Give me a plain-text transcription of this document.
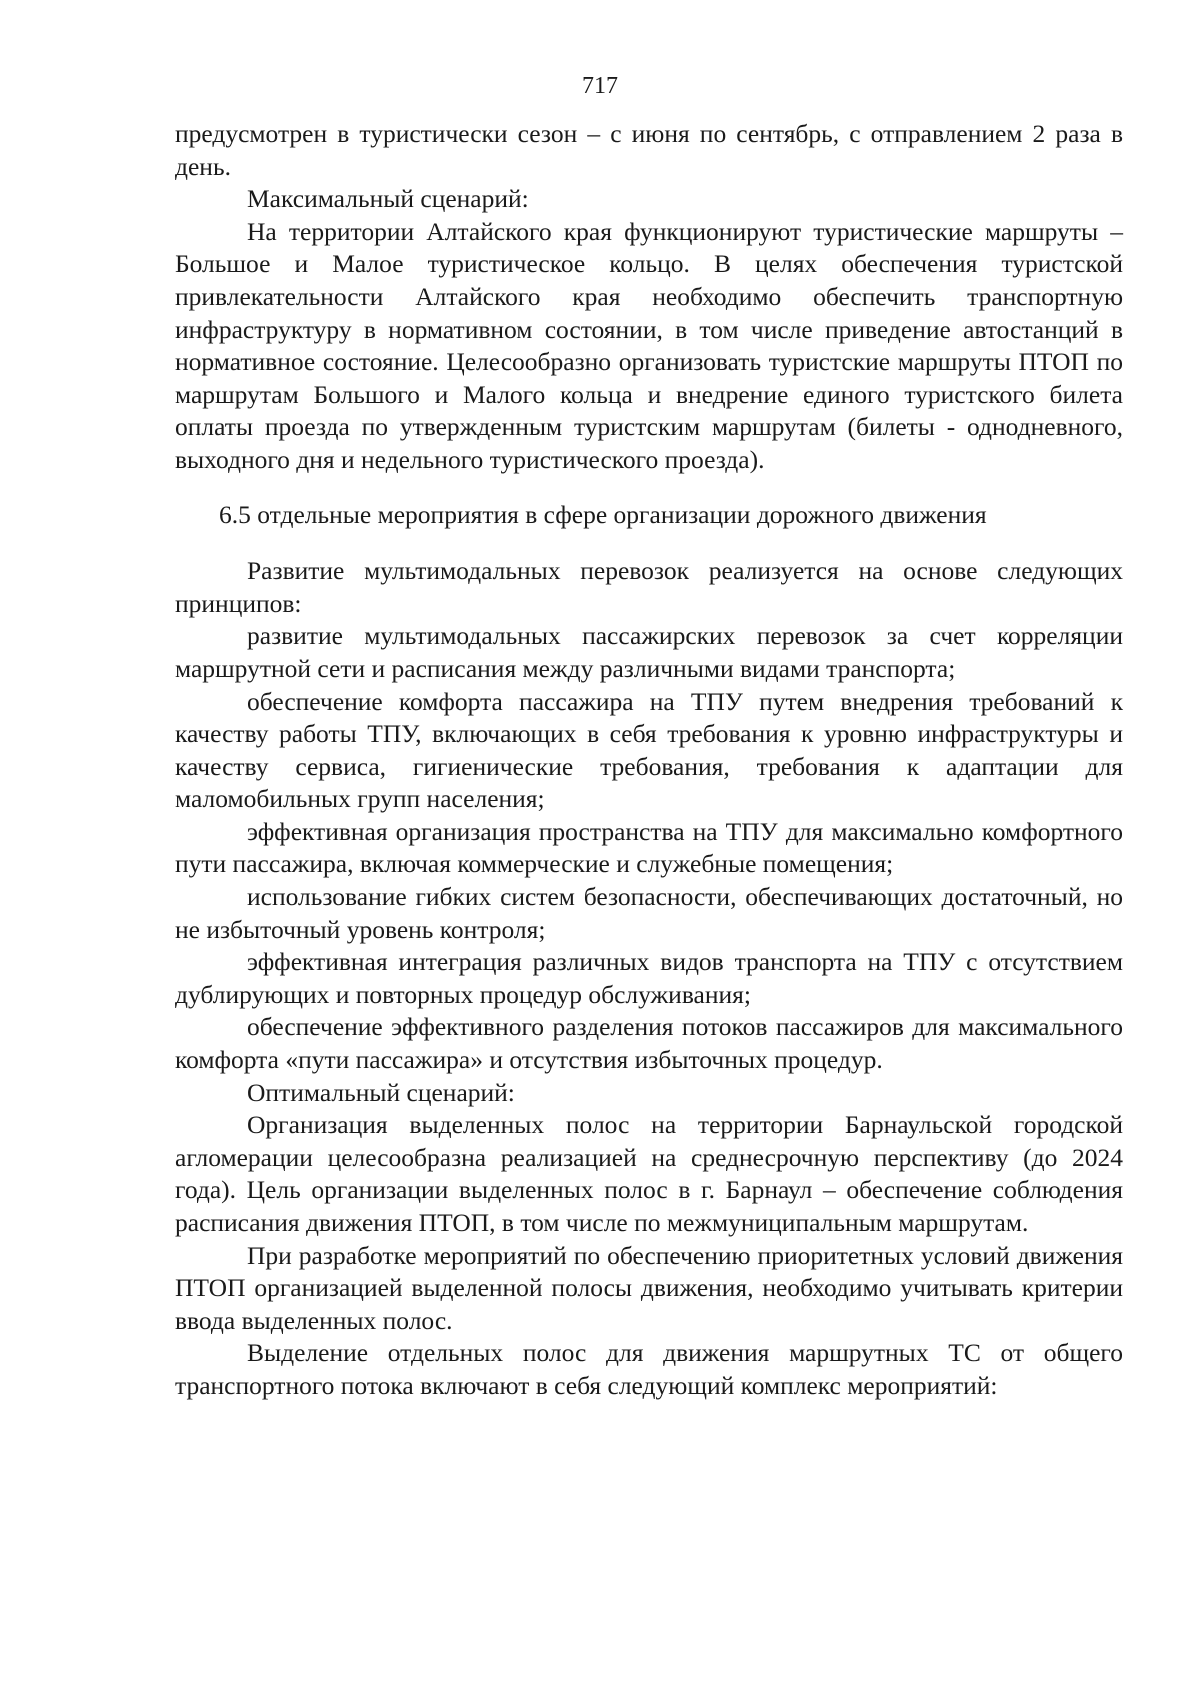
717

предусмотрен в туристически сезон – с июня по сентябрь, с отправлением 2 раза в день.

Максимальный сценарий:

На территории Алтайского края функционируют туристические маршруты – Большое и Малое туристическое кольцо. В целях обеспечения туристской привлекательности Алтайского края необходимо обеспечить транспортную инфраструктуру в нормативном состоянии, в том числе приведение автостанций в нормативное состояние. Целесообразно организовать туристские маршруты ПТОП по маршрутам Большого и Малого кольца и внедрение единого туристского билета оплаты проезда по утвержденным туристским маршрутам (билеты - однодневного, выходного дня и недельного туристического проезда).

6.5 отдельные мероприятия в сфере организации дорожного движения

Развитие мультимодальных перевозок реализуется на основе следующих принципов:

развитие мультимодальных пассажирских перевозок за счет корреляции маршрутной сети и расписания между различными видами транспорта;

обеспечение комфорта пассажира на ТПУ путем внедрения требований к качеству работы ТПУ, включающих в себя требования к уровню инфраструктуры и качеству сервиса, гигиенические требования, требования к адаптации для маломобильных групп населения;

эффективная организация пространства на ТПУ для максимально комфортного пути пассажира, включая коммерческие и служебные помещения;

использование гибких систем безопасности, обеспечивающих достаточный, но не избыточный уровень контроля;

эффективная интеграция различных видов транспорта на ТПУ с отсутствием дублирующих и повторных процедур обслуживания;

обеспечение эффективного разделения потоков пассажиров для максимального комфорта «пути пассажира» и отсутствия избыточных процедур.

Оптимальный сценарий:

Организация выделенных полос на территории Барнаульской городской агломерации целесообразна реализацией на среднесрочную перспективу (до 2024 года). Цель организации выделенных полос в г. Барнаул – обеспечение соблюдения расписания движения ПТОП, в том числе по межмуниципальным маршрутам.

При разработке мероприятий по обеспечению приоритетных условий движения ПТОП организацией выделенной полосы движения, необходимо учитывать критерии ввода выделенных полос.

Выделение отдельных полос для движения маршрутных ТС от общего транспортного потока включают в себя следующий комплекс мероприятий:
